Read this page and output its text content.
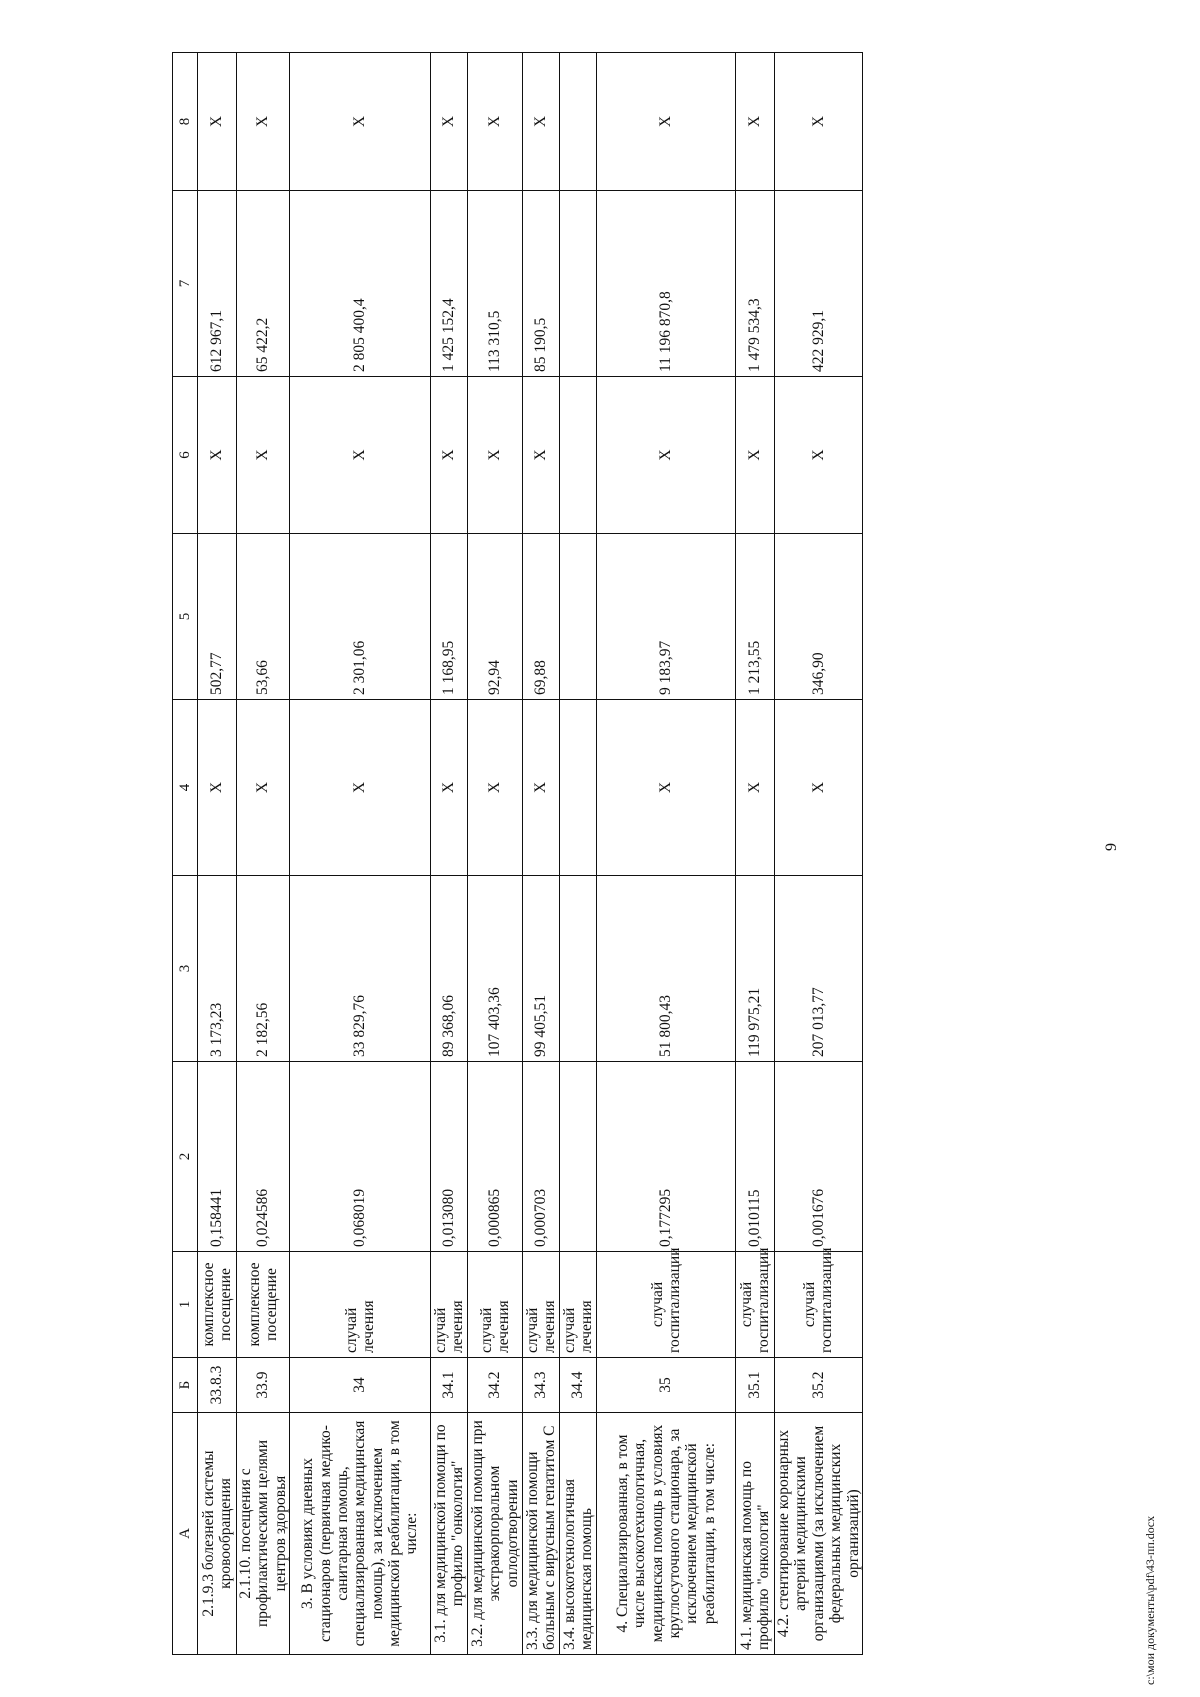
9
А	Б	1	2	3	4	5	6	7	8
2.1.9.3 болезней системы кровообращения	33.8.3	комплексное посещение	0,158441	3 173,23	Х	502,77	Х	612 967,1	Х
2.1.10. посещения с профилактическими целями центров здоровья	33.9	комплексное посещение	0,024586	2 182,56	Х	53,66	Х	65 422,2	Х
3. В условиях дневных стационаров (первичная медико-санитарная помощь, специализированная медицинская помощь), за исключением медицинской реабилитации, в том числе:	34	случай лечения	0,068019	33 829,76	Х	2 301,06	Х	2 805 400,4	Х
3.1. для медицинской помощи по профилю "онкология"	34.1	случай лечения	0,013080	89 368,06	Х	1 168,95	Х	1 425 152,4	Х
3.2. для медицинской помощи при экстракорпоральном оплодотворении	34.2	случай лечения	0,000865	107 403,36	Х	92,94	Х	113 310,5	Х
3.3. для медицинской помощи больным с вирусным гепатитом С	34.3	случай лечения	0,000703	99 405,51	Х	69,88	Х	85 190,5	Х
3.4. высокотехнологичная медицинская помощь	34.4	случай лечения							
4. Специализированная, в том числе высокотехнологичная, медицинская помощь в условиях круглосуточного стационара, за исключением медицинской реабилитации, в том числе:	35	случай госпитализации	0,177295	51 800,43	Х	9 183,97	Х	11 196 870,8	Х
4.1. медицинская помощь по профилю "онкология"	35.1	случай госпитализации	0,010115	119 975,21	Х	1 213,55	Х	1 479 534,3	Х
4.2. стентирование коронарных артерий медицинскими организациями (за исключением федеральных медицинских организаций)	35.2	случай госпитализации	0,001676	207 013,77	Х	346,90	Х	422 929,1	Х
c:\мои документы\pdf\43-пп.docx
